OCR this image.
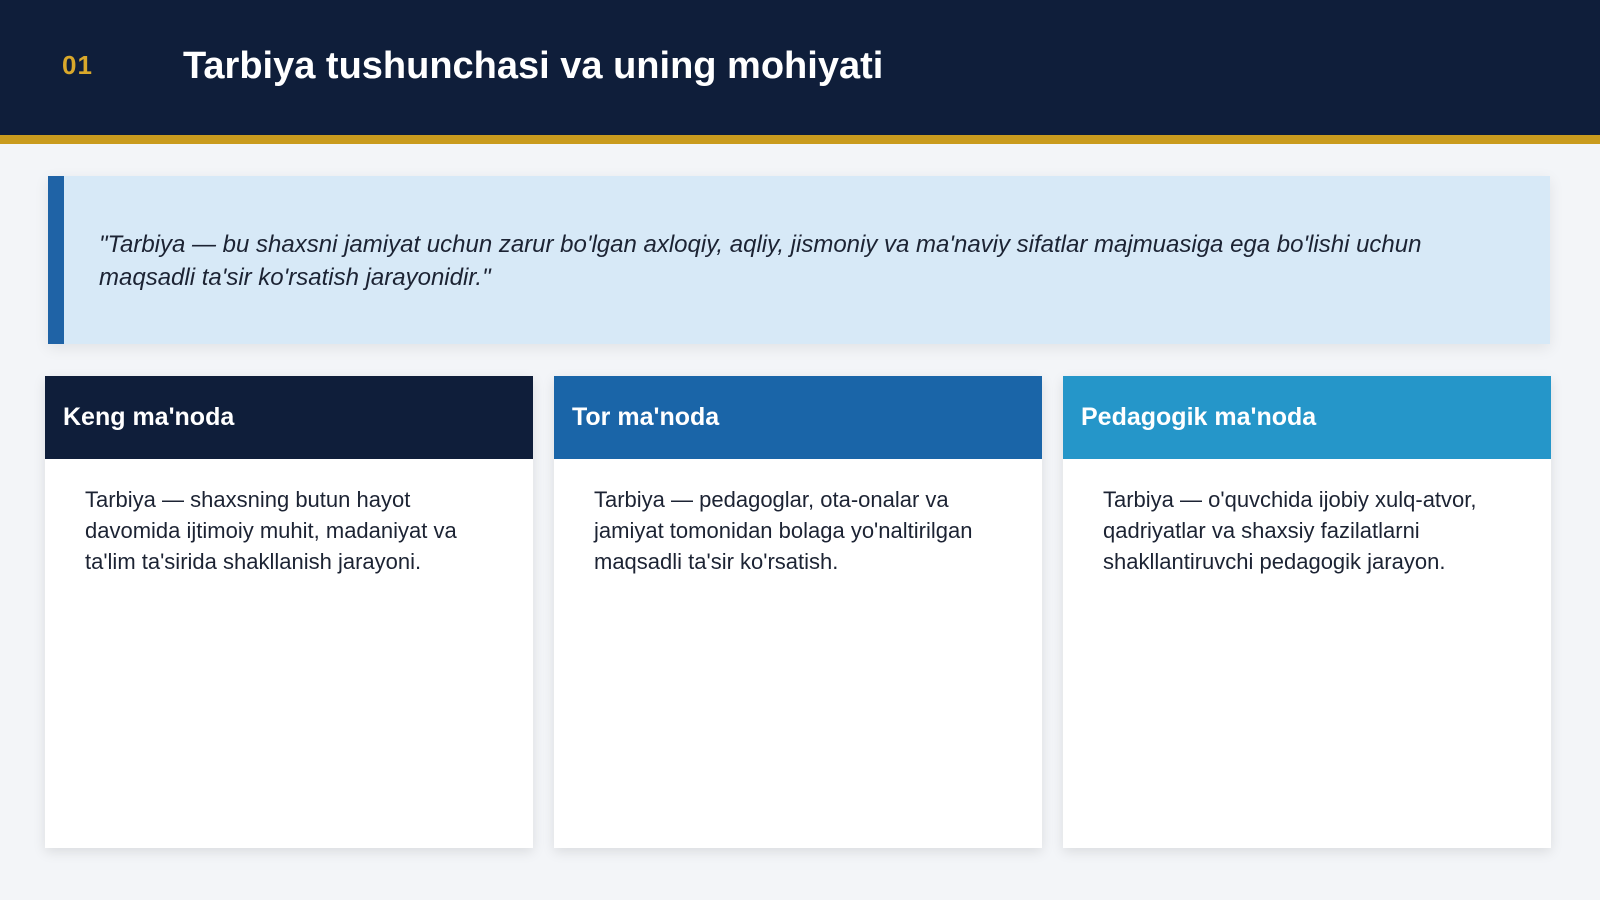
01 Tarbiya tushunchasi va uning mohiyati

"Tarbiya — bu shaxsni jamiyat uchun zarur bo'lgan axloqiy, aqliy, jismoniy va ma'naviy sifatlar majmuasiga ega bo'lishi uchun maqsadli ta'sir ko'rsatish jarayonidir."

Keng ma'noda

Tarbiya — shaxsning butun hayot davomida ijtimoiy muhit, madaniyat va ta'lim ta'sirida shakllanish jarayoni.

Tor ma'noda

Tarbiya — pedagoglar, ota-onalar va jamiyat tomonidan bolaga yo'naltirilgan maqsadli ta'sir ko'rsatish.

Pedagogik ma'noda

Tarbiya — o'quvchida ijobiy xulq-atvor, qadriyatlar va shaxsiy fazilatlarni shakllantiruvchi pedagogik jarayon.
